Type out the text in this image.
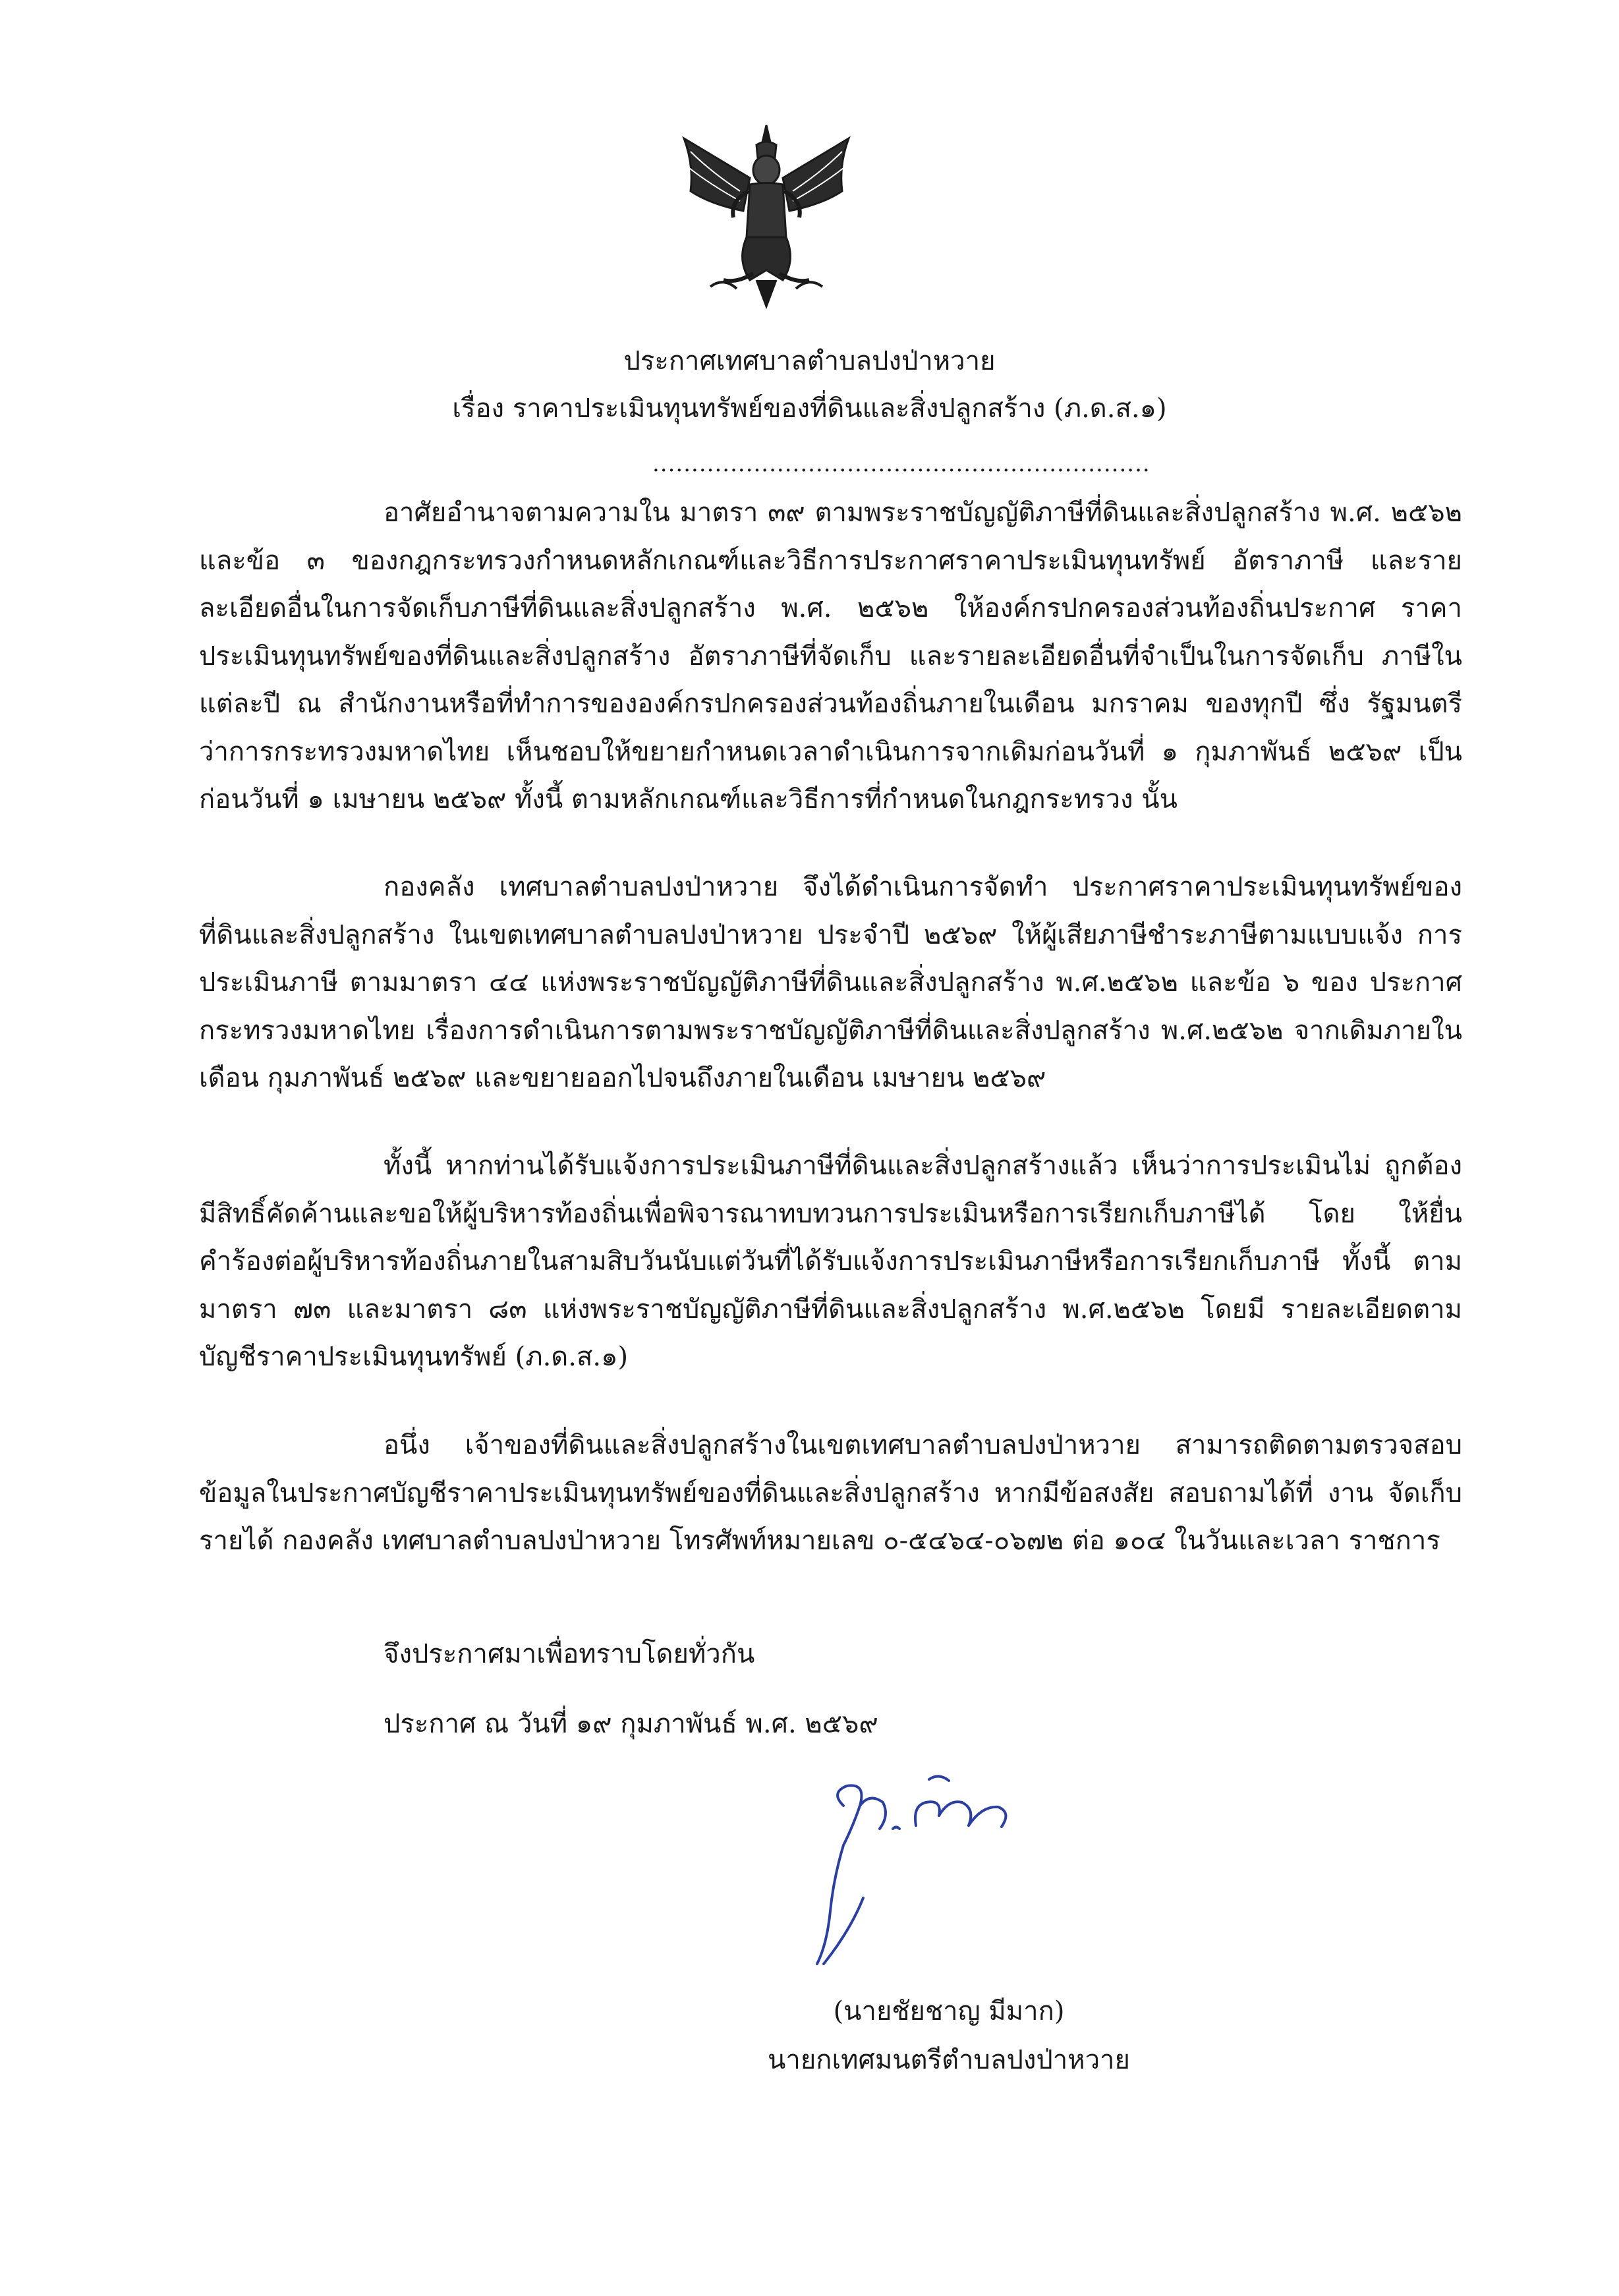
ประกาศเทศบาลตำบลปงป่าหวาย
เรื่อง ราคาประเมินทุนทรัพย์ของที่ดินและสิ่งปลูกสร้าง (ภ.ด.ส.๑)
................................................................

อาศัยอำนาจตามความใน มาตรา ๓๙ ตามพระราชบัญญัติภาษีที่ดินและสิ่งปลูกสร้าง พ.ศ. ๒๕๖๒ และข้อ ๓ ของกฎกระทรวงกำหนดหลักเกณฑ์และวิธีการประกาศราคาประเมินทุนทรัพย์ อัตราภาษี และรายละเอียดอื่นในการจัดเก็บภาษีที่ดินและสิ่งปลูกสร้าง พ.ศ. ๒๕๖๒ ให้องค์กรปกครองส่วนท้องถิ่นประกาศ ราคาประเมินทุนทรัพย์ของที่ดินและสิ่งปลูกสร้าง อัตราภาษีที่จัดเก็บ และรายละเอียดอื่นที่จำเป็นในการจัดเก็บ ภาษีในแต่ละปี ณ สำนักงานหรือที่ทำการขององค์กรปกครองส่วนท้องถิ่นภายในเดือน มกราคม ของทุกปี ซึ่ง รัฐมนตรีว่าการกระทรวงมหาดไทย เห็นชอบให้ขยายกำหนดเวลาดำเนินการจากเดิมก่อนวันที่ ๑ กุมภาพันธ์ ๒๕๖๙ เป็นก่อนวันที่ ๑ เมษายน ๒๕๖๙ ทั้งนี้ ตามหลักเกณฑ์และวิธีการที่กำหนดในกฎกระทรวง นั้น

กองคลัง เทศบาลตำบลปงป่าหวาย จึงได้ดำเนินการจัดทำ ประกาศราคาประเมินทุนทรัพย์ของ ที่ดินและสิ่งปลูกสร้าง ในเขตเทศบาลตำบลปงป่าหวาย ประจำปี ๒๕๖๙ ให้ผู้เสียภาษีชำระภาษีตามแบบแจ้ง การประเมินภาษี ตามมาตรา ๔๔ แห่งพระราชบัญญัติภาษีที่ดินและสิ่งปลูกสร้าง พ.ศ.๒๕๖๒ และข้อ ๖ ของ ประกาศกระทรวงมหาดไทย เรื่องการดำเนินการตามพระราชบัญญัติภาษีที่ดินและสิ่งปลูกสร้าง พ.ศ.๒๕๖๒ จากเดิมภายในเดือน กุมภาพันธ์ ๒๕๖๙ และขยายออกไปจนถึงภายในเดือน เมษายน ๒๕๖๙

ทั้งนี้ หากท่านได้รับแจ้งการประเมินภาษีที่ดินและสิ่งปลูกสร้างแล้ว เห็นว่าการประเมินไม่ ถูกต้อง มีสิทธิ์คัดค้านและขอให้ผู้บริหารท้องถิ่นเพื่อพิจารณาทบทวนการประเมินหรือการเรียกเก็บภาษีได้ โดย ให้ยื่นคำร้องต่อผู้บริหารท้องถิ่นภายในสามสิบวันนับแต่วันที่ได้รับแจ้งการประเมินภาษีหรือการเรียกเก็บภาษี ทั้งนี้ ตามมาตรา ๗๓ และมาตรา ๘๓ แห่งพระราชบัญญัติภาษีที่ดินและสิ่งปลูกสร้าง พ.ศ.๒๕๖๒ โดยมี รายละเอียดตามบัญชีราคาประเมินทุนทรัพย์ (ภ.ด.ส.๑)

อนึ่ง เจ้าของที่ดินและสิ่งปลูกสร้างในเขตเทศบาลตำบลปงป่าหวาย สามารถติดตามตรวจสอบ ข้อมูลในประกาศบัญชีราคาประเมินทุนทรัพย์ของที่ดินและสิ่งปลูกสร้าง หากมีข้อสงสัย สอบถามได้ที่ งาน จัดเก็บรายได้ กองคลัง เทศบาลตำบลปงป่าหวาย โทรศัพท์หมายเลข ๐-๕๔๖๔-๐๖๗๒ ต่อ ๑๐๔ ในวันและเวลา ราชการ

จึงประกาศมาเพื่อทราบโดยทั่วกัน
ประกาศ ณ วันที่ ๑๙ กุมภาพันธ์ พ.ศ. ๒๕๖๙
(นายชัยชาญ มีมาก)
นายกเทศมนตรีตำบลปงป่าหวาย
